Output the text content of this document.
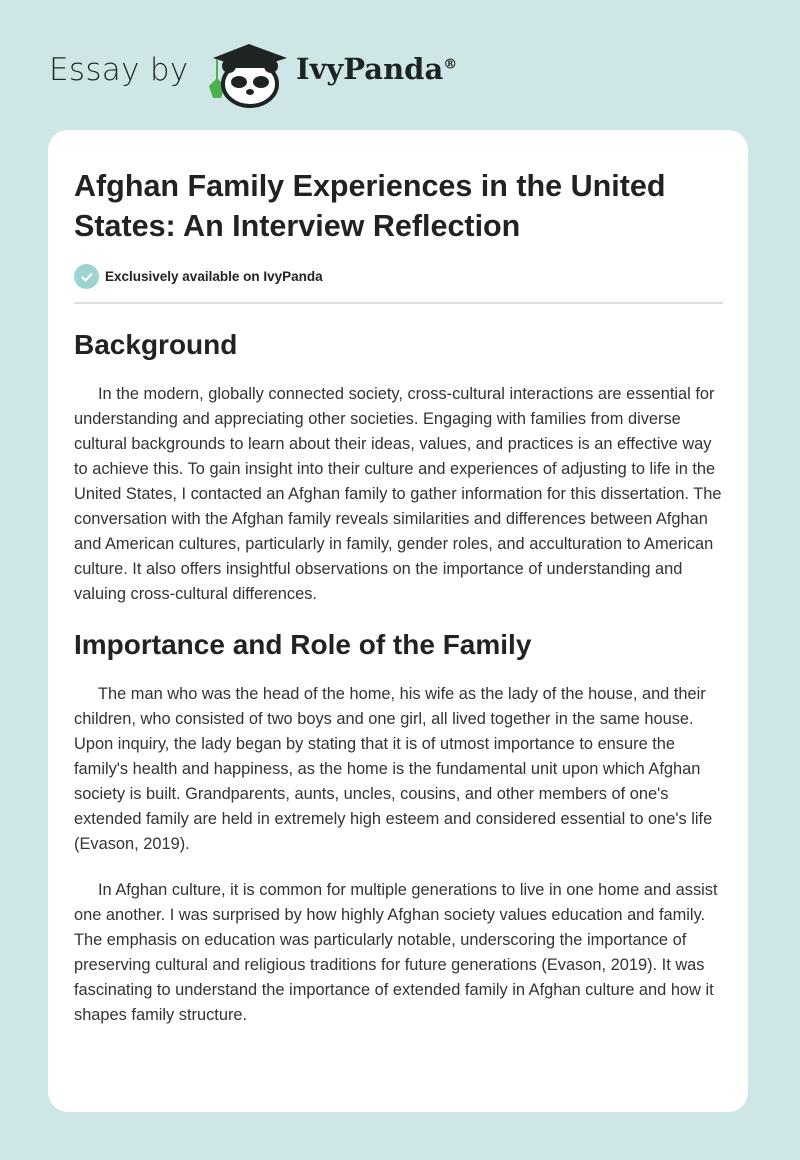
Essay by	IvyPanda®
Afghan Family Experiences in the United States: An Interview Reflection
Exclusively available on IvyPanda
Background

In the modern, globally connected society, cross-cultural interactions are essential for understanding and appreciating other societies. Engaging with families from diverse cultural backgrounds to learn about their ideas, values, and practices is an effective way to achieve this. To gain insight into their culture and experiences of adjusting to life in the United States, I contacted an Afghan family to gather information for this dissertation. The conversation with the Afghan family reveals similarities and differences between Afghan and American cultures, particularly in family, gender roles, and acculturation to American culture. It also offers insightful observations on the importance of understanding and valuing cross-cultural differences.

Importance and Role of the Family

The man who was the head of the home, his wife as the lady of the house, and their children, who consisted of two boys and one girl, all lived together in the same house. Upon inquiry, the lady began by stating that it is of utmost importance to ensure the family's health and happiness, as the home is the fundamental unit upon which Afghan society is built. Grandparents, aunts, uncles, cousins, and other members of one's extended family are held in extremely high esteem and considered essential to one's life (Evason, 2019).

In Afghan culture, it is common for multiple generations to live in one home and assist one another. I was surprised by how highly Afghan society values education and family. The emphasis on education was particularly notable, underscoring the importance of preserving cultural and religious traditions for future generations (Evason, 2019). It was fascinating to understand the importance of extended family in Afghan culture and how it shapes family structure.
